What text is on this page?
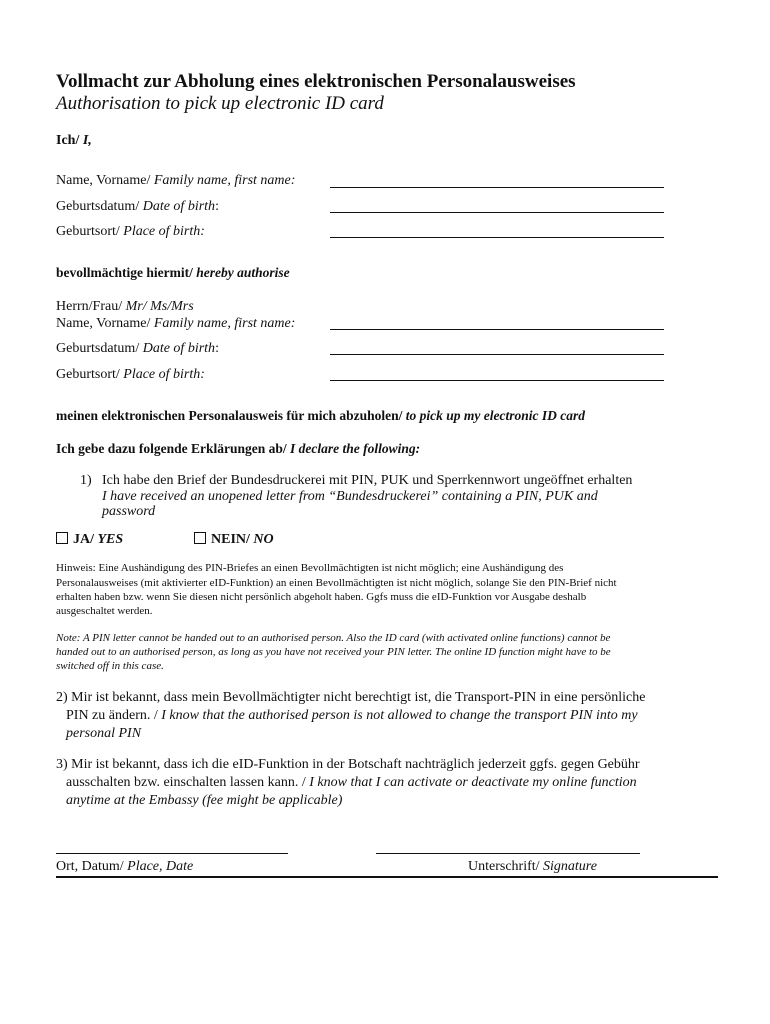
Vollmacht zur Abholung eines elektronischen Personalausweises
Authorisation to pick up electronic ID card
Ich/ I,
Name, Vorname/ Family name, first name:
Geburtsdatum/ Date of birth:
Geburtsort/ Place of birth:
bevollmächtige hiermit/ hereby authorise
Herrn/Frau/ Mr/ Ms/Mrs
Name, Vorname/ Family name, first name:
Geburtsdatum/ Date of birth:
Geburtsort/ Place of birth:
meinen elektronischen Personalausweis für mich abzuholen/ to pick up my electronic ID card
Ich gebe dazu folgende Erklärungen ab/ I declare the following:
1) Ich habe den Brief der Bundesdruckerei mit PIN, PUK und Sperrkennwort ungeöffnet erhalten
I have received an unopened letter from “Bundesdruckerei” containing a PIN, PUK and
password
JA/ YES	NEIN/ NO
Hinweis: Eine Aushändigung des PIN-Briefes an einen Bevollmächtigten ist nicht möglich; eine Aushändigung des
Personalausweises (mit aktivierter eID-Funktion) an einen Bevollmächtigten ist nicht möglich, solange Sie den PIN-Brief nicht
erhalten haben bzw. wenn Sie diesen nicht persönlich abgeholt haben. Ggfs muss die eID-Funktion vor Ausgabe deshalb
ausgeschaltet werden.
Note: A PIN letter cannot be handed out to an authorised person. Also the ID card (with activated online functions) cannot be
handed out to an authorised person, as long as you have not received your PIN letter. The online ID function might have to be
switched off in this case.
2) Mir ist bekannt, dass mein Bevollmächtigter nicht berechtigt ist, die Transport-PIN in eine persönliche
PIN zu ändern. / I know that the authorised person is not allowed to change the transport PIN into my
personal PIN
3) Mir ist bekannt, dass ich die eID-Funktion in der Botschaft nachträglich jederzeit ggfs. gegen Gebühr
ausschalten bzw. einschalten lassen kann. / I know that I can activate or deactivate my online function
anytime at the Embassy (fee might be applicable)
Ort, Datum/ Place, Date	Unterschrift/ Signature
